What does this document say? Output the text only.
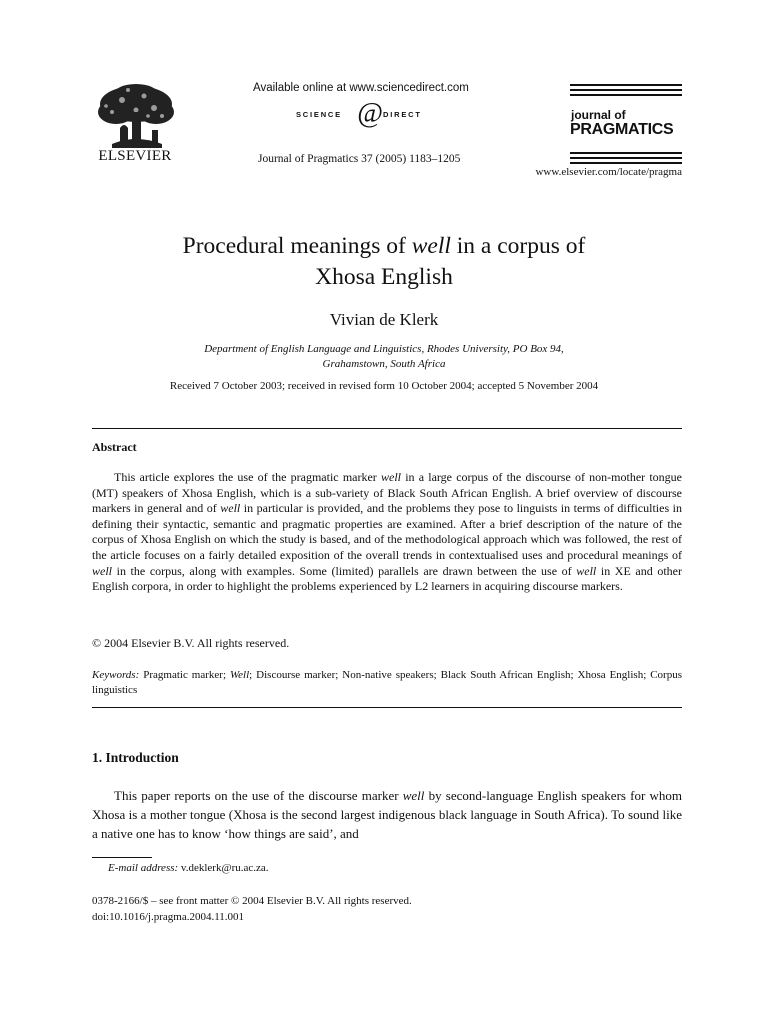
ELSEVIER
Available online at www.sciencedirect.com
SCIENCE @ DIRECT
Journal of Pragmatics 37 (2005) 1183–1205
journal of
PRAGMATICS
www.elsevier.com/locate/pragma
Procedural meanings of well in a corpus of
Xhosa English
Vivian de Klerk
Department of English Language and Linguistics, Rhodes University, PO Box 94,
Grahamstown, South Africa
Received 7 October 2003; received in revised form 10 October 2004; accepted 5 November 2004
Abstract

This article explores the use of the pragmatic marker well in a large corpus of the discourse of non-mother tongue (MT) speakers of Xhosa English, which is a sub-variety of Black South African English. A brief overview of discourse markers in general and of well in particular is provided, and the problems they pose to linguists in terms of difficulties in defining their syntactic, semantic and pragmatic properties are examined. After a brief description of the nature of the corpus of Xhosa English on which the study is based, and of the methodological approach which was followed, the rest of the article focuses on a fairly detailed exposition of the overall trends in contextualised uses and procedural meanings of well in the corpus, along with examples. Some (limited) parallels are drawn between the use of well in XE and other English corpora, in order to highlight the problems experienced by L2 learners in acquiring discourse markers.

© 2004 Elsevier B.V. All rights reserved.

Keywords: Pragmatic marker; Well; Discourse marker; Non-native speakers; Black South African English; Xhosa English; Corpus linguistics

1. Introduction

This paper reports on the use of the discourse marker well by second-language English speakers for whom Xhosa is a mother tongue (Xhosa is the second largest indigenous black language in South Africa). To sound like a native one has to know ‘how things are said’, and

E-mail address: v.deklerk@ru.ac.za.
0378-2166/$ – see front matter © 2004 Elsevier B.V. All rights reserved.
doi:10.1016/j.pragma.2004.11.001
